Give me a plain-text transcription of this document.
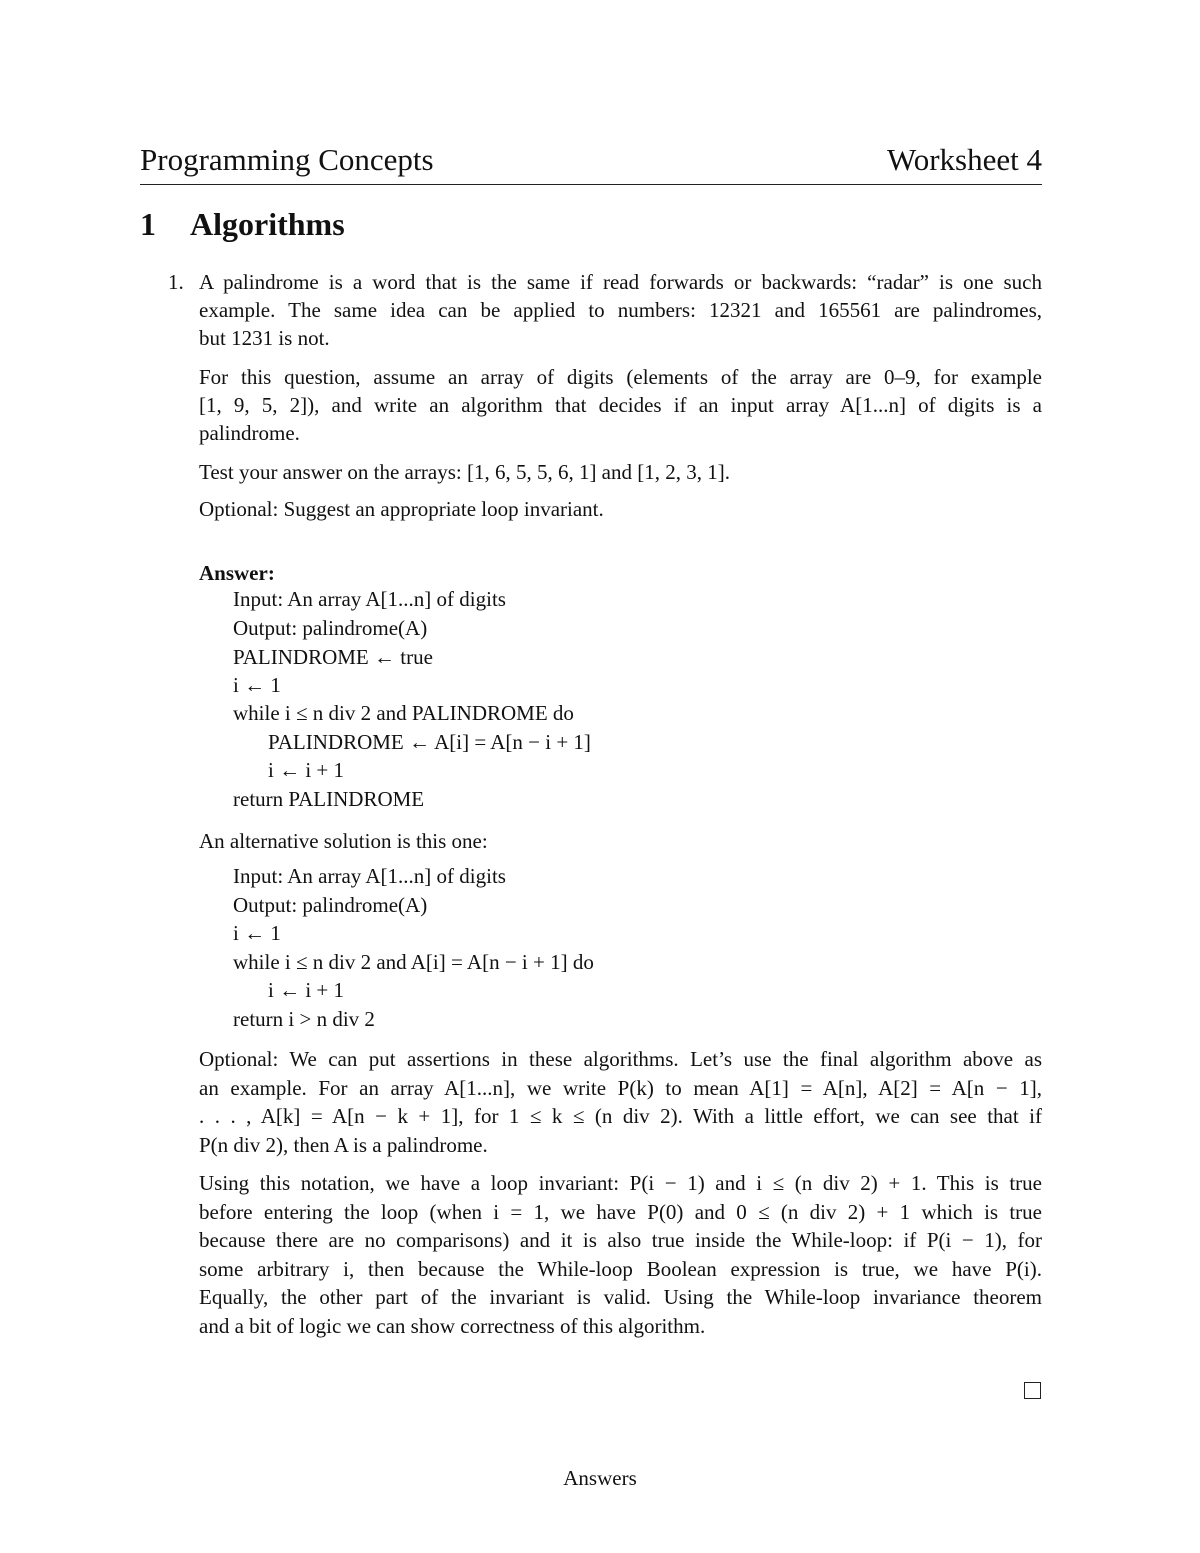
Programming Concepts	Worksheet 4
1 Algorithms
1. A palindrome is a word that is the same if read forwards or backwards: “radar” is one such
example. The same idea can be applied to numbers: 12321 and 165561 are palindromes,
but 1231 is not.
For this question, assume an array of digits (elements of the array are 0–9, for example
[1, 9, 5, 2]), and write an algorithm that decides if an input array A[1...n] of digits is a
palindrome.
Test your answer on the arrays: [1, 6, 5, 5, 6, 1] and [1, 2, 3, 1].
Optional: Suggest an appropriate loop invariant.
Answer:
Input: An array A[1...n] of digits
Output: palindrome(A)
PALINDROME ← true
i ← 1
while i ≤ n div 2 and PALINDROME do
PALINDROME ← A[i] = A[n − i + 1]
i ← i + 1
return PALINDROME
An alternative solution is this one:
Input: An array A[1...n] of digits
Output: palindrome(A)
i ← 1
while i ≤ n div 2 and A[i] = A[n − i + 1] do
i ← i + 1
return i > n div 2
Optional: We can put assertions in these algorithms. Let’s use the final algorithm above as
an example. For an array A[1...n], we write P(k) to mean A[1] = A[n], A[2] = A[n − 1],
. . . , A[k] = A[n − k + 1], for 1 ≤ k ≤ (n div 2). With a little effort, we can see that if
P(n div 2), then A is a palindrome.
Using this notation, we have a loop invariant: P(i − 1) and i ≤ (n div 2) + 1. This is true
before entering the loop (when i = 1, we have P(0) and 0 ≤ (n div 2) + 1 which is true
because there are no comparisons) and it is also true inside the While-loop: if P(i − 1), for
some arbitrary i, then because the While-loop Boolean expression is true, we have P(i).
Equally, the other part of the invariant is valid. Using the While-loop invariance theorem
and a bit of logic we can show correctness of this algorithm.
Answers
